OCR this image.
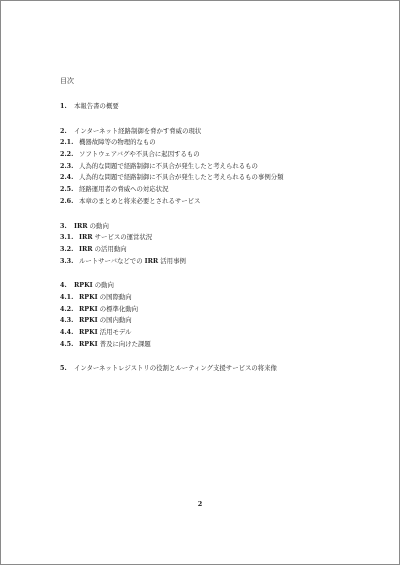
目次
1.	本報告書の概要
2.	インターネット経路制御を脅かす脅威の現状
2.1. 機器故障等の物理的なもの
2.2. ソフトウェアバグや不具合に起因するもの
2.3. 人為的な問題で経路制御に不具合が発生したと考えられるもの
2.4. 人為的な問題で経路制御に不具合が発生したと考えられるもの事例分類
2.5. 経路運用者の脅威への対応状況
2.6. 本章のまとめと将来必要とされるサービス
3.	IRR の動向
3.1. IRR サービスの運営状況
3.2. IRR の活用動向
3.3. ルートサーバなどでの IRR 活用事例
4.	RPKI の動向
4.1. RPKI の国際動向
4.2. RPKI の標準化動向
4.3. RPKI の国内動向
4.4. RPKI 活用モデル
4.5. RPKI 普及に向けた課題
5.	インターネットレジストリの役割とルーティング支援サービスの将来像
2
